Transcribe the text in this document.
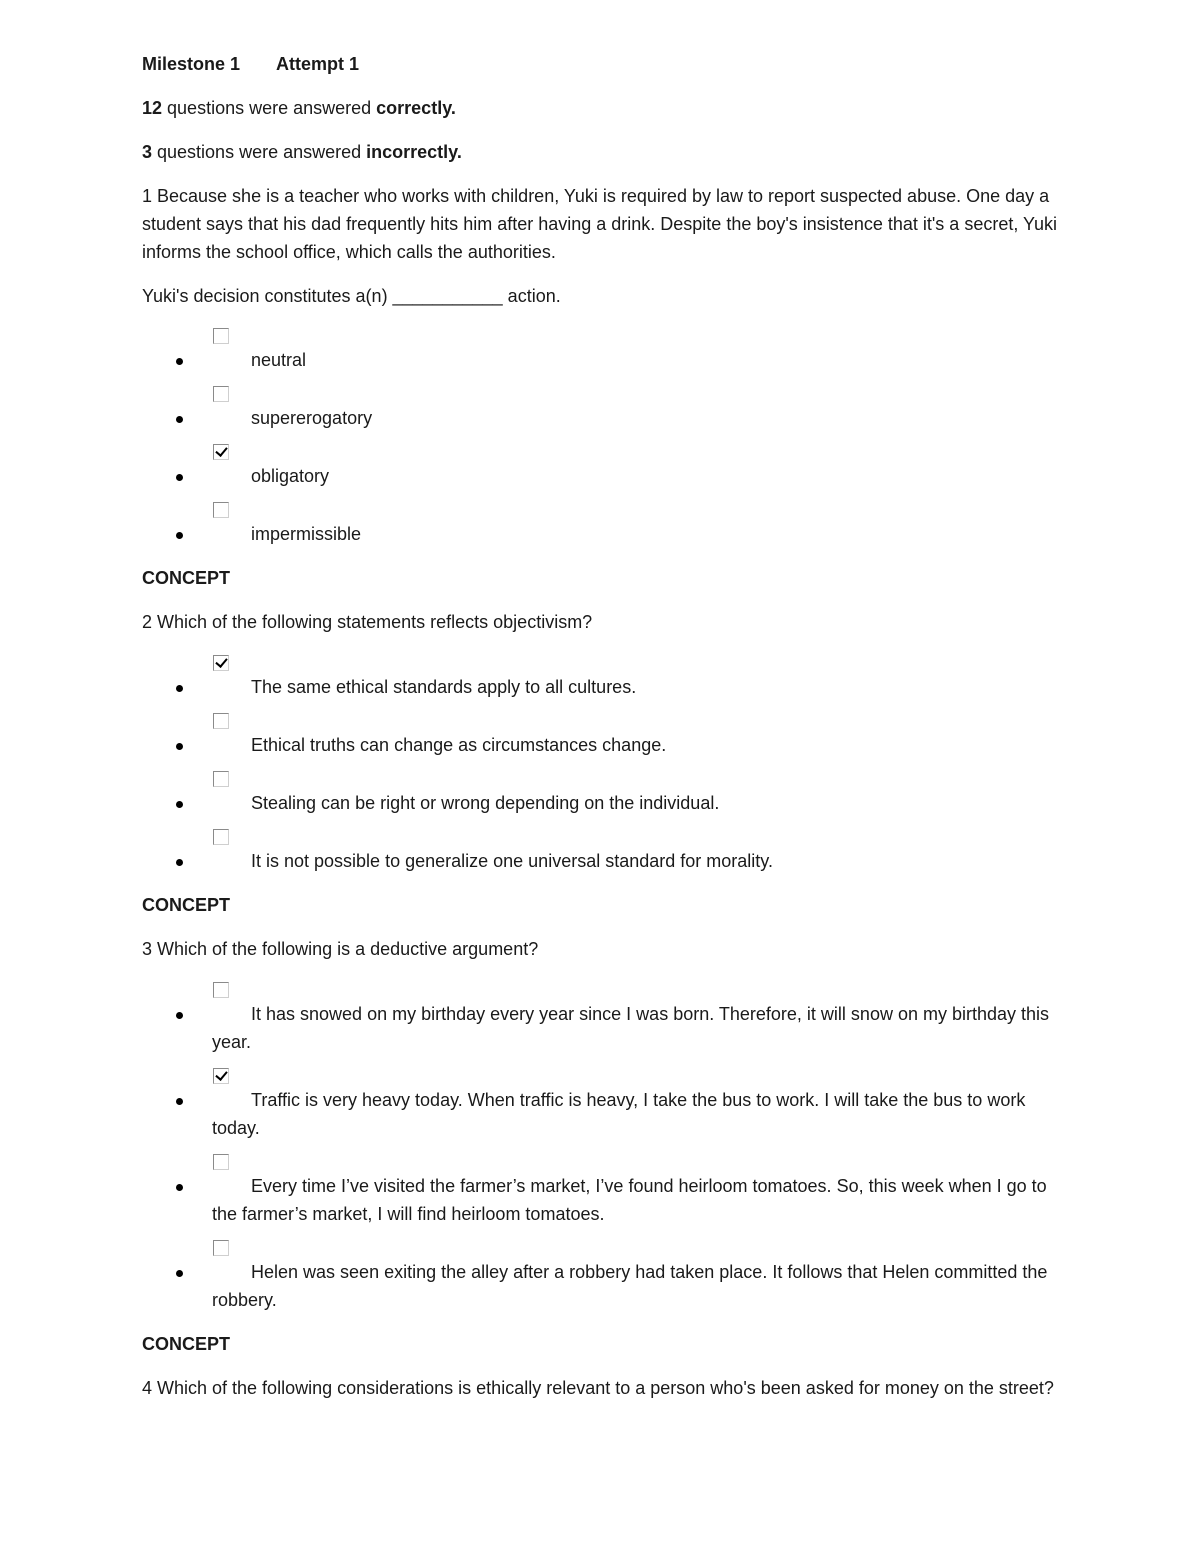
Milestone 1 Attempt 1

12 questions were answered correctly.

3 questions were answered incorrectly.

1 Because she is a teacher who works with children, Yuki is required by law to report suspected abuse. One day a student says that his dad frequently hits him after having a drink. Despite the boy's insistence that it's a secret, Yuki informs the school office, which calls the authorities.

Yuki's decision constitutes a(n) ___________ action.

neutral
supererogatory
obligatory
impermissible

CONCEPT

2 Which of the following statements reflects objectivism?

The same ethical standards apply to all cultures.
Ethical truths can change as circumstances change.
Stealing can be right or wrong depending on the individual.
It is not possible to generalize one universal standard for morality.

CONCEPT

3 Which of the following is a deductive argument?

It has snowed on my birthday every year since I was born. Therefore, it will snow on my birthday this year.
Traffic is very heavy today. When traffic is heavy, I take the bus to work. I will take the bus to work today.
Every time I’ve visited the farmer’s market, I’ve found heirloom tomatoes. So, this week when I go to the farmer’s market, I will find heirloom tomatoes.
Helen was seen exiting the alley after a robbery had taken place. It follows that Helen committed the robbery.

CONCEPT

4 Which of the following considerations is ethically relevant to a person who's been asked for money on the street?
